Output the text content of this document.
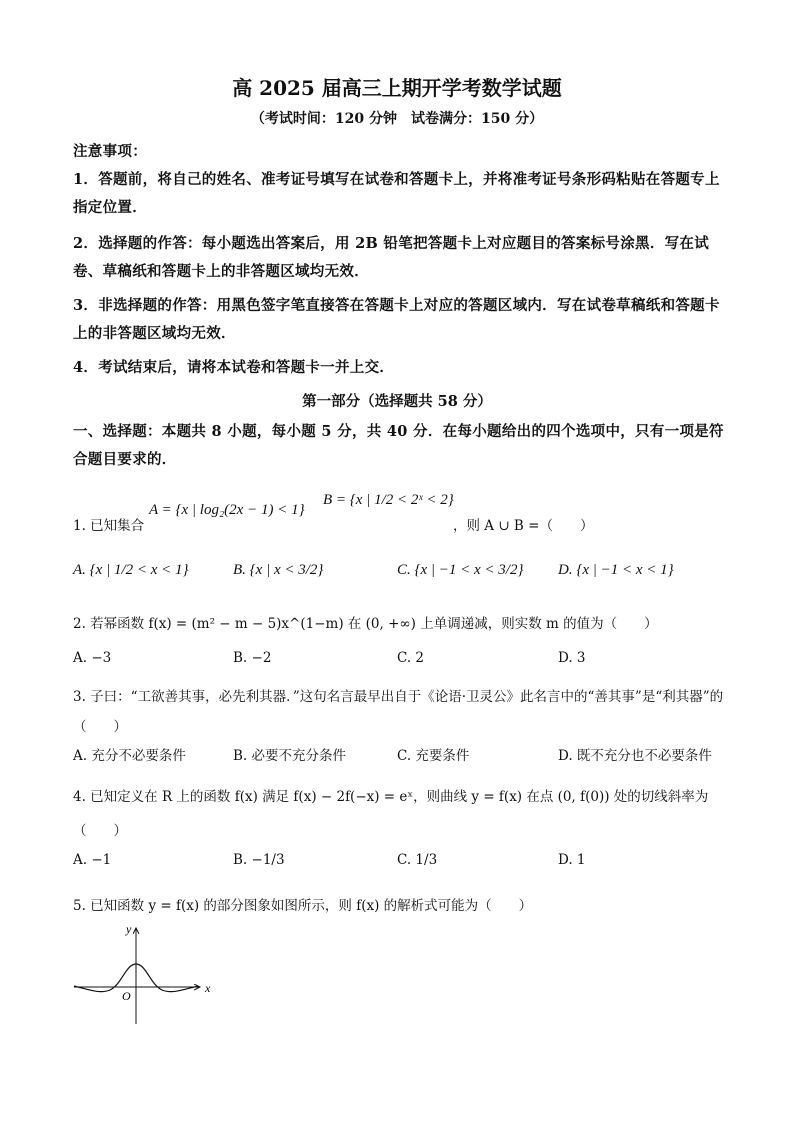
高 2025 届高三上期开学考数学试题
（考试时间：120 分钟　试卷满分：150 分）
注意事项：
1．答题前，将自己的姓名、准考证号填写在试卷和答题卡上，并将准考证号条形码粘贴在答题专上指定位置．
2．选择题的作答：每小题选出答案后，用 2B 铅笔把答题卡上对应题目的答案标号涂黑．写在试卷、草稿纸和答题卡上的非答题区域均无效．
3．非选择题的作答：用黑色签字笔直接答在答题卡上对应的答题区域内．写在试卷草稿纸和答题卡上的非答题区域均无效．
4．考试结束后，请将本试卷和答题卡一并上交．
第一部分（选择题共 58 分）
一、选择题：本题共 8 小题，每小题 5 分，共 40 分．在每小题给出的四个选项中，只有一项是符合题目要求的．
1. 已知集合
A = {x | log₂(2x − 1) < 1}
B = {x | 1/2 < 2ˣ < 2}
，则 A ∪ B =（　　）
A. {x | 1/2 < x < 1}	B. {x | x < 3/2}	C. {x | −1 < x < 3/2} D. {x | −1 < x < 1}
2. 若幂函数 f(x) = (m² − m − 5)x^(1−m) 在 (0, +∞) 上单调递减，则实数 m 的值为（　　）
A. −3	B. −2	C. 2	D. 3
3. 子曰：“工欲善其事，必先利其器．”这句名言最早出自于《论语·卫灵公》此名言中的“善其事”是“利其器”的（　　）
A. 充分不必要条件	B. 必要不充分条件	C. 充要条件	D. 既不充分也不必要条件
4. 已知定义在 R 上的函数 f(x) 满足 f(x) − 2f(−x) = eˣ，则曲线 y = f(x) 在点 (0, f(0)) 处的切线斜率为（　　）
A. −1	B. −1/3	C. 1/3	D. 1
5. 已知函数 y = f(x) 的部分图象如图所示，则 f(x) 的解析式可能为（　　）
x
y
O
